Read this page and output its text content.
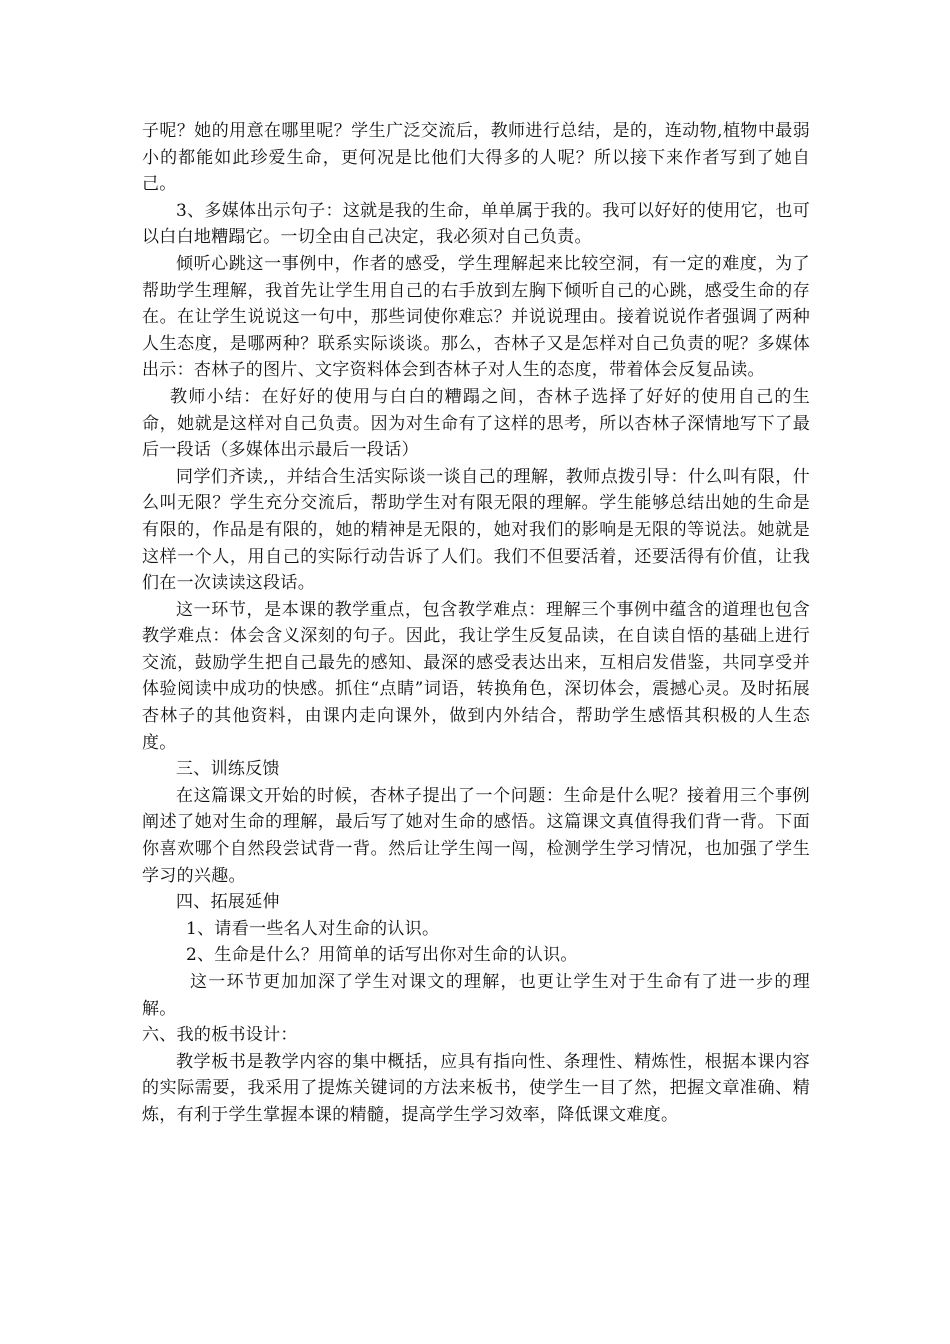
子呢？她的用意在哪里呢？学生广泛交流后，教师进行总结，是的，连动物,植物中最弱小的都能如此珍爱生命，更何况是比他们大得多的人呢？所以接下来作者写到了她自己。

3、多媒体出示句子：这就是我的生命，单单属于我的。我可以好好的使用它，也可以白白地糟蹋它。一切全由自己决定，我必须对自己负责。

倾听心跳这一事例中，作者的感受，学生理解起来比较空洞，有一定的难度，为了帮助学生理解，我首先让学生用自己的右手放到左胸下倾听自己的心跳，感受生命的存在。在让学生说说这一句中，那些词使你难忘？并说说理由。接着说说作者强调了两种人生态度，是哪两种？联系实际谈谈。那么，杏林子又是怎样对自己负责的呢？多媒体出示：杏林子的图片、文字资料体会到杏林子对人生的态度，带着体会反复品读。

教师小结：在好好的使用与白白的糟蹋之间，杏林子选择了好好的使用自己的生命，她就是这样对自己负责。因为对生命有了这样的思考，所以杏林子深情地写下了最后一段话（多媒体出示最后一段话）

同学们齐读,，并结合生活实际谈一谈自己的理解，教师点拨引导：什么叫有限，什么叫无限？学生充分交流后，帮助学生对有限无限的理解。学生能够总结出她的生命是有限的，作品是有限的，她的精神是无限的，她对我们的影响是无限的等说法。她就是这样一个人，用自己的实际行动告诉了人们。我们不但要活着，还要活得有价值，让我们在一次读读这段话。

这一环节，是本课的教学重点，包含教学难点：理解三个事例中蕴含的道理也包含教学难点：体会含义深刻的句子。因此，我让学生反复品读，在自读自悟的基础上进行交流，鼓励学生把自己最先的感知、最深的感受表达出来，互相启发借鉴，共同享受并体验阅读中成功的快感。抓住“点睛”词语，转换角色，深切体会，震撼心灵。及时拓展杏林子的其他资料，由课内走向课外，做到内外结合，帮助学生感悟其积极的人生态度。

三、训练反馈

在这篇课文开始的时候，杏林子提出了一个问题：生命是什么呢？接着用三个事例阐述了她对生命的理解，最后写了她对生命的感悟。这篇课文真值得我们背一背。下面你喜欢哪个自然段尝试背一背。然后让学生闯一闯，检测学生学习情况，也加强了学生学习的兴趣。

四、拓展延伸

1、请看一些名人对生命的认识。

2、生命是什么？用简单的话写出你对生命的认识。

这一环节更加加深了学生对课文的理解，也更让学生对于生命有了进一步的理解。

六、我的板书设计：

教学板书是教学内容的集中概括，应具有指向性、条理性、精炼性，根据本课内容的实际需要，我采用了提炼关键词的方法来板书，使学生一目了然，把握文章准确、精炼，有利于学生掌握本课的精髓，提高学生学习效率，降低课文难度。
